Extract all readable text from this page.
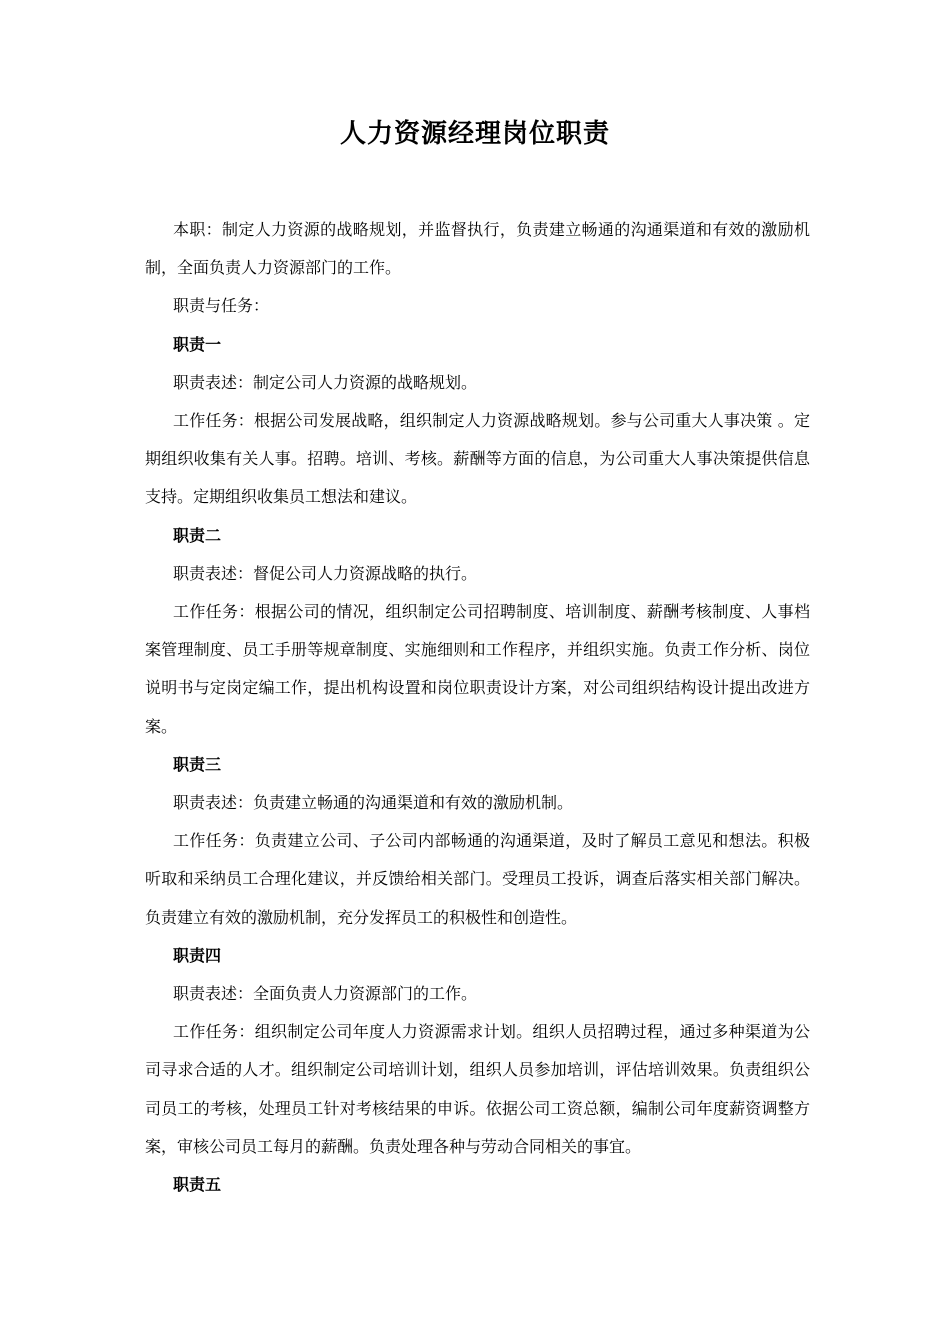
人力资源经理岗位职责

本职：制定人力资源的战略规划，并监督执行，负责建立畅通的沟通渠道和有效的激励机制，全面负责人力资源部门的工作。

职责与任务：

职责一

职责表述：制定公司人力资源的战略规划。

工作任务：根据公司发展战略，组织制定人力资源战略规划。参与公司重大人事决策 。定期组织收集有关人事。招聘。培训、考核。薪酬等方面的信息，为公司重大人事决策提供信息支持。定期组织收集员工想法和建议。

职责二

职责表述：督促公司人力资源战略的执行。

工作任务：根据公司的情况，组织制定公司招聘制度、培训制度、薪酬考核制度、人事档案管理制度、员工手册等规章制度、实施细则和工作程序，并组织实施。负责工作分析、岗位说明书与定岗定编工作，提出机构设置和岗位职责设计方案，对公司组织结构设计提出改进方案。

职责三

职责表述：负责建立畅通的沟通渠道和有效的激励机制。

工作任务：负责建立公司、子公司内部畅通的沟通渠道，及时了解员工意见和想法。积极听取和采纳员工合理化建议，并反馈给相关部门。受理员工投诉，调查后落实相关部门解决。负责建立有效的激励机制，充分发挥员工的积极性和创造性。

职责四

职责表述：全面负责人力资源部门的工作。

工作任务：组织制定公司年度人力资源需求计划。组织人员招聘过程，通过多种渠道为公司寻求合适的人才。组织制定公司培训计划，组织人员参加培训，评估培训效果。负责组织公司员工的考核，处理员工针对考核结果的申诉。依据公司工资总额，编制公司年度薪资调整方案，审核公司员工每月的薪酬。负责处理各种与劳动合同相关的事宜。

职责五
